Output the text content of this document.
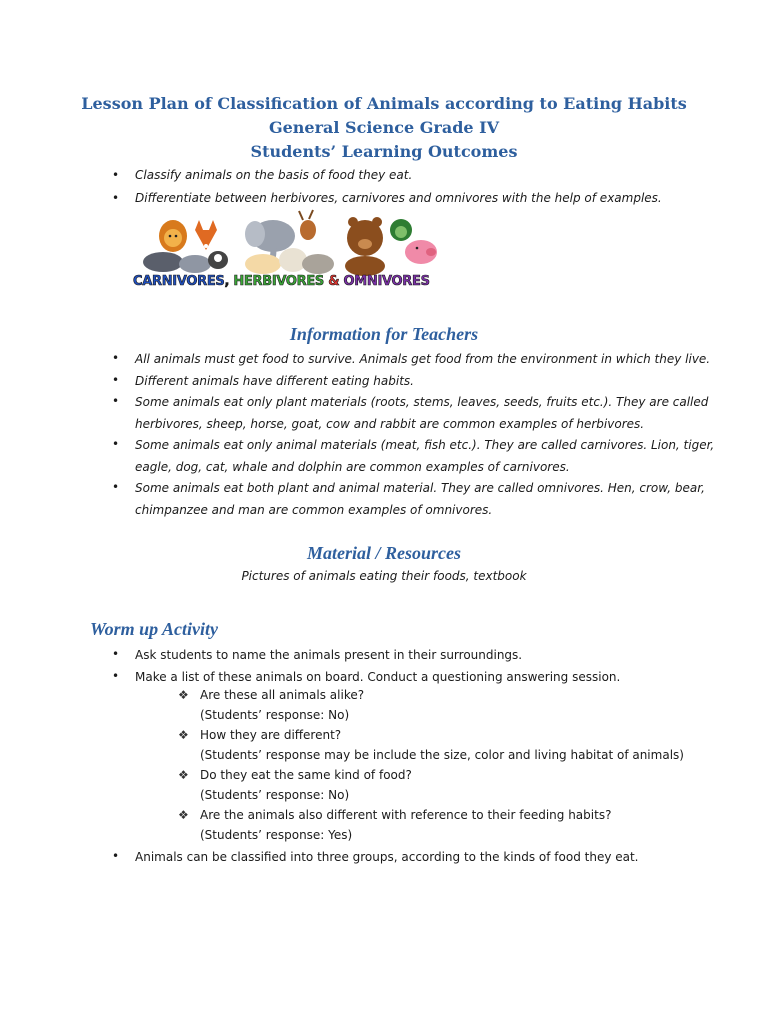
Lesson Plan of Classification of Animals according to Eating Habits
General Science Grade IV
Students’ Learning Outcomes
• Classify animals on the basis of food they eat.
• Differentiate between herbivores, carnivores and omnivores with the help of examples.
CARNIVORES, HERBIVORES & OMNIVORES
Information for Teachers
• All animals must get food to survive. Animals get food from the environment in which they live.
• Different animals have different eating habits.
• Some animals eat only plant materials (roots, stems, leaves, seeds, fruits etc.). They are called
herbivores, sheep, horse, goat, cow and rabbit are common examples of herbivores.
• Some animals eat only animal materials (meat, fish etc.). They are called carnivores. Lion, tiger,
eagle, dog, cat, whale and dolphin are common examples of carnivores.
• Some animals eat both plant and animal material. They are called omnivores. Hen, crow, bear,
chimpanzee and man are common examples of omnivores.
Material / Resources
Pictures of animals eating their foods, textbook
Worm up Activity
• Ask students to name the animals present in their surroundings.
• Make a list of these animals on board. Conduct a questioning answering session.
❖ Are these all animals alike?
(Students’ response: No)
❖ How they are different?
(Students’ response may be include the size, color and living habitat of animals)
❖ Do they eat the same kind of food?
(Students’ response: No)
❖ Are the animals also different with reference to their feeding habits?
(Students’ response: Yes)
• Animals can be classified into three groups, according to the kinds of food they eat.
